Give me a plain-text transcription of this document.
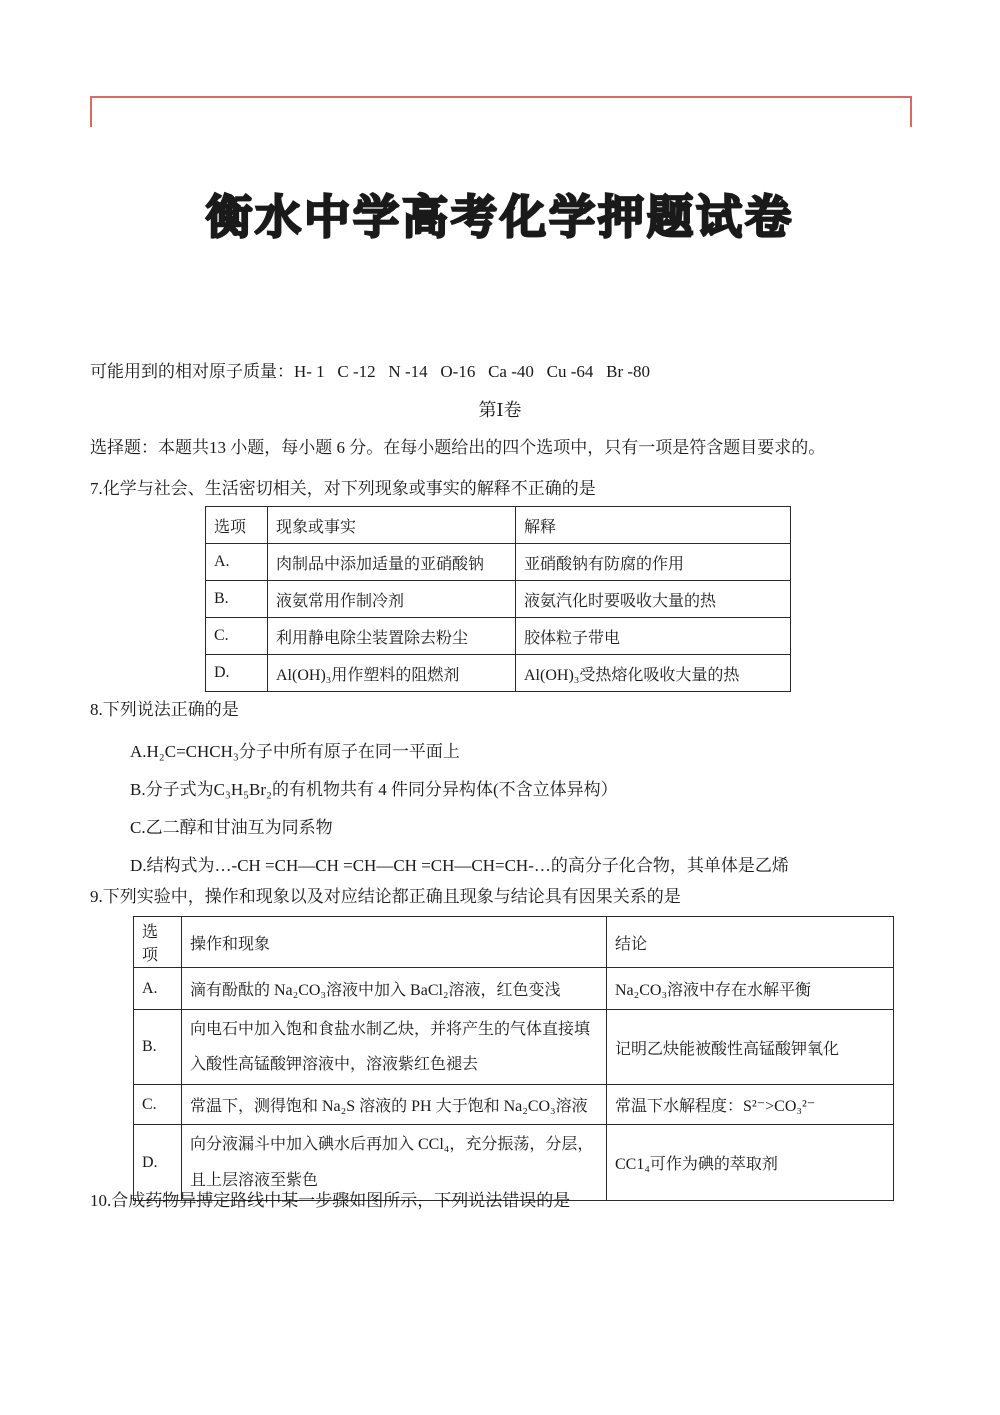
衡水中学高考化学押题试卷
可能用到的相对原子质量：H- 1   C -12   N -14   O-16   Ca -40   Cu -64   Br -80
第Ⅰ卷
选择题：本题共13 小题，每小题 6 分。在每小题给出的四个选项中，只有一项是符含题目要求的。
7.化学与社会、生活密切相关，对下列现象或事实的解释不正确的是
选项	现象或事实	解释
A.	肉制品中添加适量的亚硝酸钠	亚硝酸钠有防腐的作用
B.	液氨常用作制冷剂	液氨汽化时要吸收大量的热
C.	利用静电除尘装置除去粉尘	胶体粒子带电
D.	Al(OH)₃用作塑料的阻燃剂	Al(OH)₃受热熔化吸收大量的热
8.下列说法正确的是
A.H₂C=CHCH₃分子中所有原子在同一平面上
B.分子式为C₃H₅Br₂的有机物共有 4 件同分异构体(不含立体异构）
C.乙二醇和甘油互为同系物
D.结构式为…-CH =CH—CH =CH—CH =CH—CH=CH-…的高分子化合物，其单体是乙烯
9.下列实验中，操作和现象以及对应结论都正确且现象与结论具有因果关系的是
选项	操作和现象	结论
A.	滴有酚酞的 Na₂CO₃溶液中加入 BaCl₂溶液，红色变浅	Na₂CO₃溶液中存在水解平衡
B.	向电石中加入饱和食盐水制乙炔，并将产生的气体直接填入酸性高锰酸钾溶液中，溶液紫红色褪去	记明乙炔能被酸性高锰酸钾氧化
C.	常温下，测得饱和 Na₂S 溶液的 PH 大于饱和 Na₂CO₃溶液	常温下水解程度：S²⁻>CO₃²⁻
D.	向分液漏斗中加入碘水后再加入 CCl₄，充分振荡，分层，且上层溶液至紫色	CC1₄可作为碘的萃取剂
10.合成药物异搏定路线中某一步骤如图所示，下列说法错误的是
